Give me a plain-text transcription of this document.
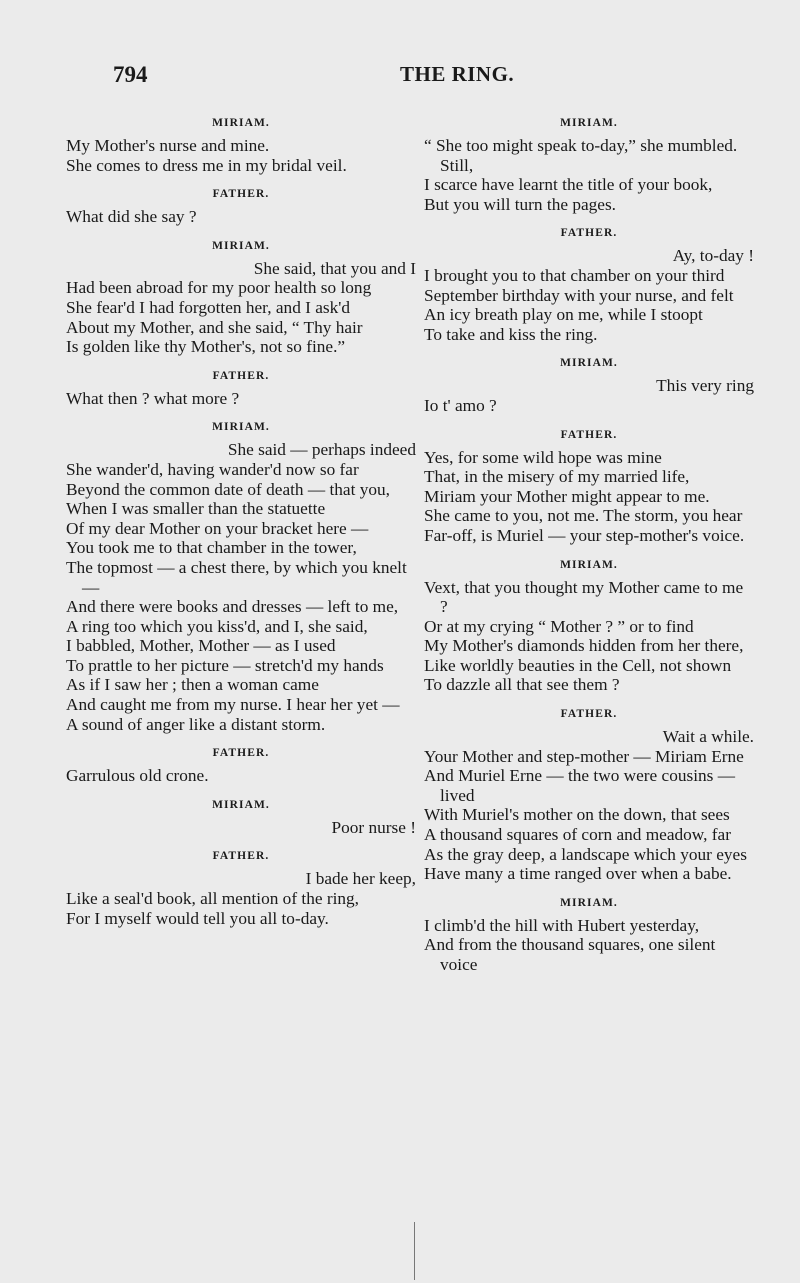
794	THE RING.
MIRIAM.
My Mother's nurse and mine.
She comes to dress me in my bridal veil.
FATHER.
What did she say ?
MIRIAM.
She said, that you and I
Had been abroad for my poor health so long
She fear'd I had forgotten her, and I ask'd
About my Mother, and she said, “ Thy hair
Is golden like thy Mother's, not so fine.”
FATHER.
What then ? what more ?
MIRIAM.
She said — perhaps indeed
She wander'd, having wander'd now so far
Beyond the common date of death — that you,
When I was smaller than the statuette
Of my dear Mother on your bracket here —
You took me to that chamber in the tower,
The topmost — a chest there, by which you knelt —
And there were books and dresses — left to me,
A ring too which you kiss'd, and I, she said,
I babbled, Mother, Mother — as I used
To prattle to her picture — stretch'd my hands
As if I saw her ; then a woman came
And caught me from my nurse. I hear her yet —
A sound of anger like a distant storm.
FATHER.
Garrulous old crone.
MIRIAM.
Poor nurse !
FATHER.
I bade her keep,
Like a seal'd book, all mention of the ring,
For I myself would tell you all to-day.
MIRIAM.
“ She too might speak to-day,” she mumbled. Still,
I scarce have learnt the title of your book,
But you will turn the pages.
FATHER.
Ay, to-day !
I brought you to that chamber on your third
September birthday with your nurse, and felt
An icy breath play on me, while I stoopt
To take and kiss the ring.
MIRIAM.
This very ring
Io t' amo ?
FATHER.
Yes, for some wild hope was mine
That, in the misery of my married life,
Miriam your Mother might appear to me.
She came to you, not me. The storm, you hear
Far-off, is Muriel — your step-mother's voice.
MIRIAM.
Vext, that you thought my Mother came to me ?
Or at my crying “ Mother ? ” or to find
My Mother's diamonds hidden from her there,
Like worldly beauties in the Cell, not shown
To dazzle all that see them ?
FATHER.
Wait a while.
Your Mother and step-mother — Miriam Erne
And Muriel Erne — the two were cousins — lived
With Muriel's mother on the down, that sees
A thousand squares of corn and meadow, far
As the gray deep, a landscape which your eyes
Have many a time ranged over when a babe.
MIRIAM.
I climb'd the hill with Hubert yesterday,
And from the thousand squares, one silent voice
